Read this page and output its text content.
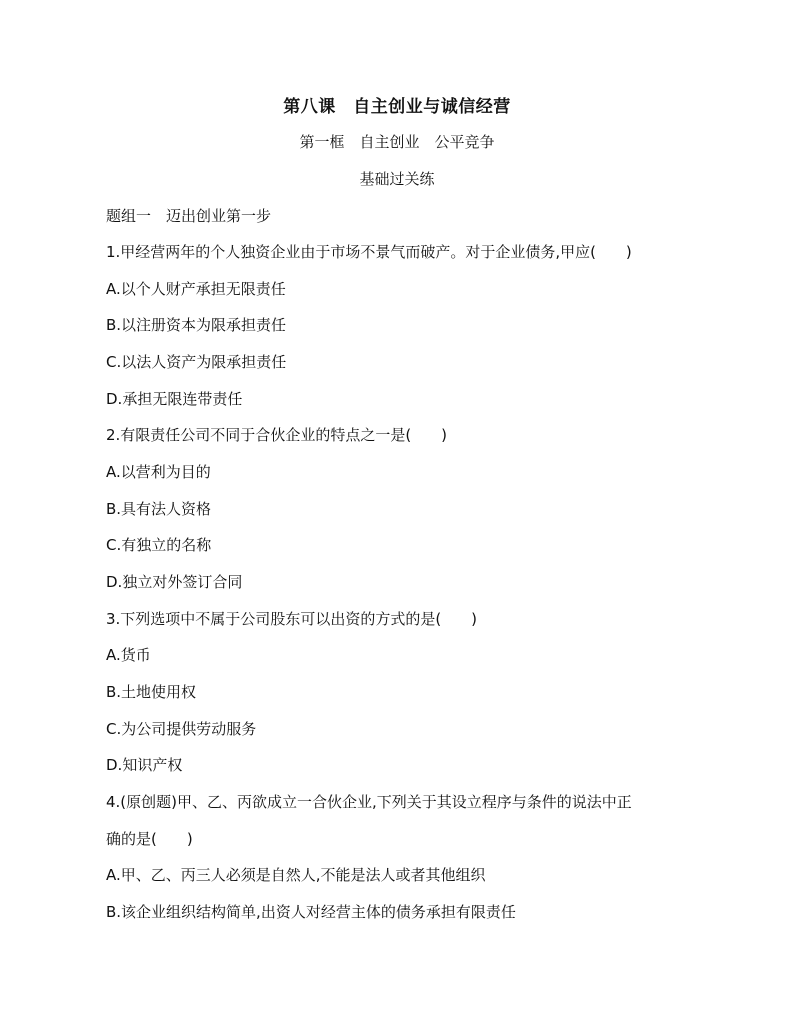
第八课　自主创业与诚信经营
第一框　自主创业　公平竞争
基础过关练
题组一　迈出创业第一步
1.甲经营两年的个人独资企业由于市场不景气而破产。对于企业债务,甲应(　　)
A.以个人财产承担无限责任
B.以注册资本为限承担责任
C.以法人资产为限承担责任
D.承担无限连带责任
2.有限责任公司不同于合伙企业的特点之一是(　　)
A.以营利为目的
B.具有法人资格
C.有独立的名称
D.独立对外签订合同
3.下列选项中不属于公司股东可以出资的方式的是(　　)
A.货币
B.土地使用权
C.为公司提供劳动服务
D.知识产权
4.(原创题)甲、乙、丙欲成立一合伙企业,下列关于其设立程序与条件的说法中正
确的是(　　)
A.甲、乙、丙三人必须是自然人,不能是法人或者其他组织
B.该企业组织结构简单,出资人对经营主体的债务承担有限责任
